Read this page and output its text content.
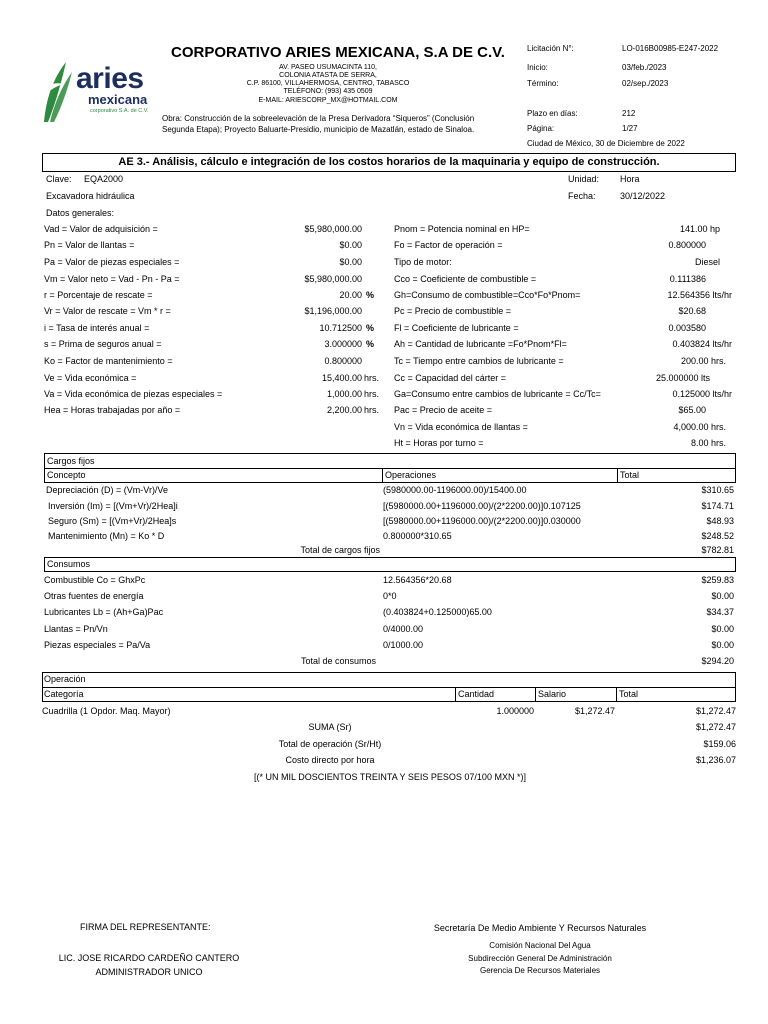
aries
mexicana
corporativo S.A. de C.V.
CORPORATIVO ARIES MEXICANA, S.A DE C.V.
AV. PASEO USUMACINTA 110,
COLONIA ATASTA DE SERRA,
C.P. 86100, VILLAHERMOSA, CENTRO, TABASCO
TELÉFONO: (993) 435 0509
E-MAIL: ARIESCORP_MX@HOTMAIL.COM
Obra: Construcción de la sobreelevación de la Presa Derivadora “Siqueros” (Conclusión
Segunda Etapa); Proyecto Baluarte-Presidio, municipio de Mazatlán, estado de Sinaloa.
Licitación N°:	LO-016B00985-E247-2022
Inicio:	03/feb./2023
Término:	02/sep./2023
Plazo en días:	212
Página:	1/27
Ciudad de México, 30 de Diciembre de 2022
AE 3.- Análisis, cálculo e integración de los costos horarios de la maquinaria y equipo de construcción.
Clave: EQA2000
Excavadora hidráulica
Unidad: Hora
Fecha:	30/12/2022
Datos generales:
Vad = Valor de adquisición =	$5,980,000.00
Pn = Valor de llantas =	$0.00
Pa = Valor de piezas especiales =	$0.00
Vm = Valor neto = Vad - Pn - Pa =	$5,980,000.00
r = Porcentaje de rescate =	20.00 %
Vr = Valor de rescate = Vm * r =	$1,196,000.00
i = Tasa de interés anual =	10.712500 %
s = Prima de seguros anual =	3.000000 %
Ko = Factor de mantenimiento =	0.800000
Ve = Vida económica =	15,400.00 hrs.
Va = Vida económica de piezas especiales =	1,000.00 hrs.
Hea = Horas trabajadas por año =	2,200.00 hrs.
Pnom = Potencia nominal en HP=	141.00 hp
Fo = Factor de operación =	0.800000
Tipo de motor:	Diesel
Cco = Coeficiente de combustible =	0.111386
Gh=Consumo de combustible=Cco*Fo*Pnom=	12.564356 lts/hr
Pc = Precio de combustible =	$20.68
Fl = Coeficiente de lubricante =	0.003580
Ah = Cantidad de lubricante =Fo*Pnom*Fl=	0.403824 lts/hr
Tc = Tiempo entre cambios de lubricante =	200.00 hrs.
Cc = Capacidad del cárter =	25.000000 lts
Ga=Consumo entre cambios de lubricante = Cc/Tc=	0.125000 lts/hr
Pac = Precio de aceite =	$65.00
Vn = Vida económica de llantas =	4,000.00 hrs.
Ht = Horas por turno =	8.00 hrs.
Cargos fijos
Concepto	Operaciones	Total
Depreciación (D) = (Vm-Vr)/Ve	(5980000.00-1196000.00)/15400.00	$310.65
Inversión (Im) = [(Vm+Vr)/2Hea]i	[(5980000.00+1196000.00)/(2*2200.00)]0.107125	$174.71
Seguro (Sm) = [(Vm+Vr)/2Hea]s	[(5980000.00+1196000.00)/(2*2200.00)]0.030000	$48.93
Mantenimiento (Mn) = Ko * D	0.800000*310.65	$248.52
Total de cargos fijos	$782.81
Consumos
Combustible Co = GhxPc	12.564356*20.68	$259.83
Otras fuentes de energía	0*0	$0.00
Lubricantes Lb = (Ah+Ga)Pac	(0.403824+0.125000)65.00	$34.37
Llantas = Pn/Vn	0/4000.00	$0.00
Piezas especiales = Pa/Va	0/1000.00	$0.00
Total de consumos	$294.20
Operación
Categoría	Cantidad	Salario	Total
Cuadrilla (1 Opdor. Maq. Mayor)	1.000000	$1,272.47	$1,272.47
SUMA (Sr)	$1,272.47
Total de operación (Sr/Ht)	$159.06
Costo directo por hora	$1,236.07
[(* UN MIL DOSCIENTOS TREINTA Y SEIS PESOS 07/100 MXN *)]
FIRMA DEL REPRESENTANTE:
LIC. JOSE RICARDO CARDEÑO CANTERO
ADMINISTRADOR UNICO
Secretaría De Medio Ambiente Y Recursos Naturales
Comisión Nacional Del Agua
Subdirección General De Administración
Gerencia De Recursos Materiales
